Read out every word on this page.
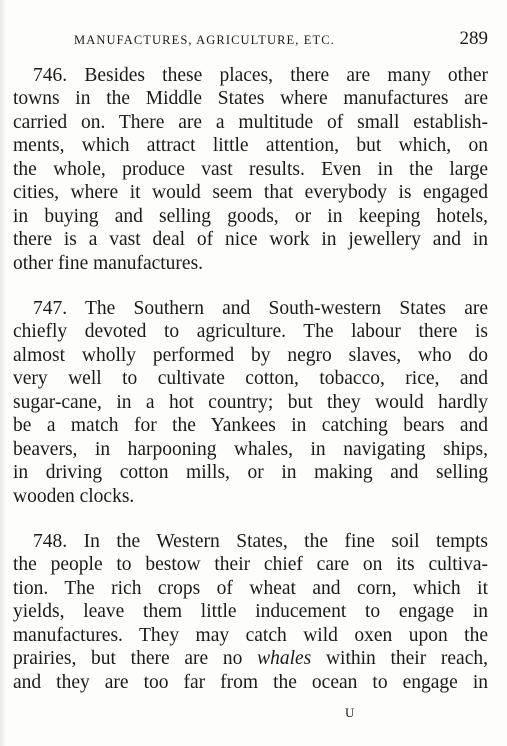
MANUFACTURES, AGRICULTURE, ETC.	289
746. Besides these places, there are many other
towns in the Middle States where manufactures are
carried on. There are a multitude of small establish-
ments, which attract little attention, but which, on
the whole, produce vast results. Even in the large
cities, where it would seem that everybody is engaged
in buying and selling goods, or in keeping hotels,
there is a vast deal of nice work in jewellery and in
other fine manufactures.
747. The Southern and South-western States are
chiefly devoted to agriculture. The labour there is
almost wholly performed by negro slaves, who do
very well to cultivate cotton, tobacco, rice, and
sugar-cane, in a hot country; but they would hardly
be a match for the Yankees in catching bears and
beavers, in harpooning whales, in navigating ships,
in driving cotton mills, or in making and selling
wooden clocks.
748. In the Western States, the fine soil tempts
the people to bestow their chief care on its cultiva-
tion. The rich crops of wheat and corn, which it
yields, leave them little inducement to engage in
manufactures. They may catch wild oxen upon the
prairies, but there are no whales within their reach,
and they are too far from the ocean to engage in
U
